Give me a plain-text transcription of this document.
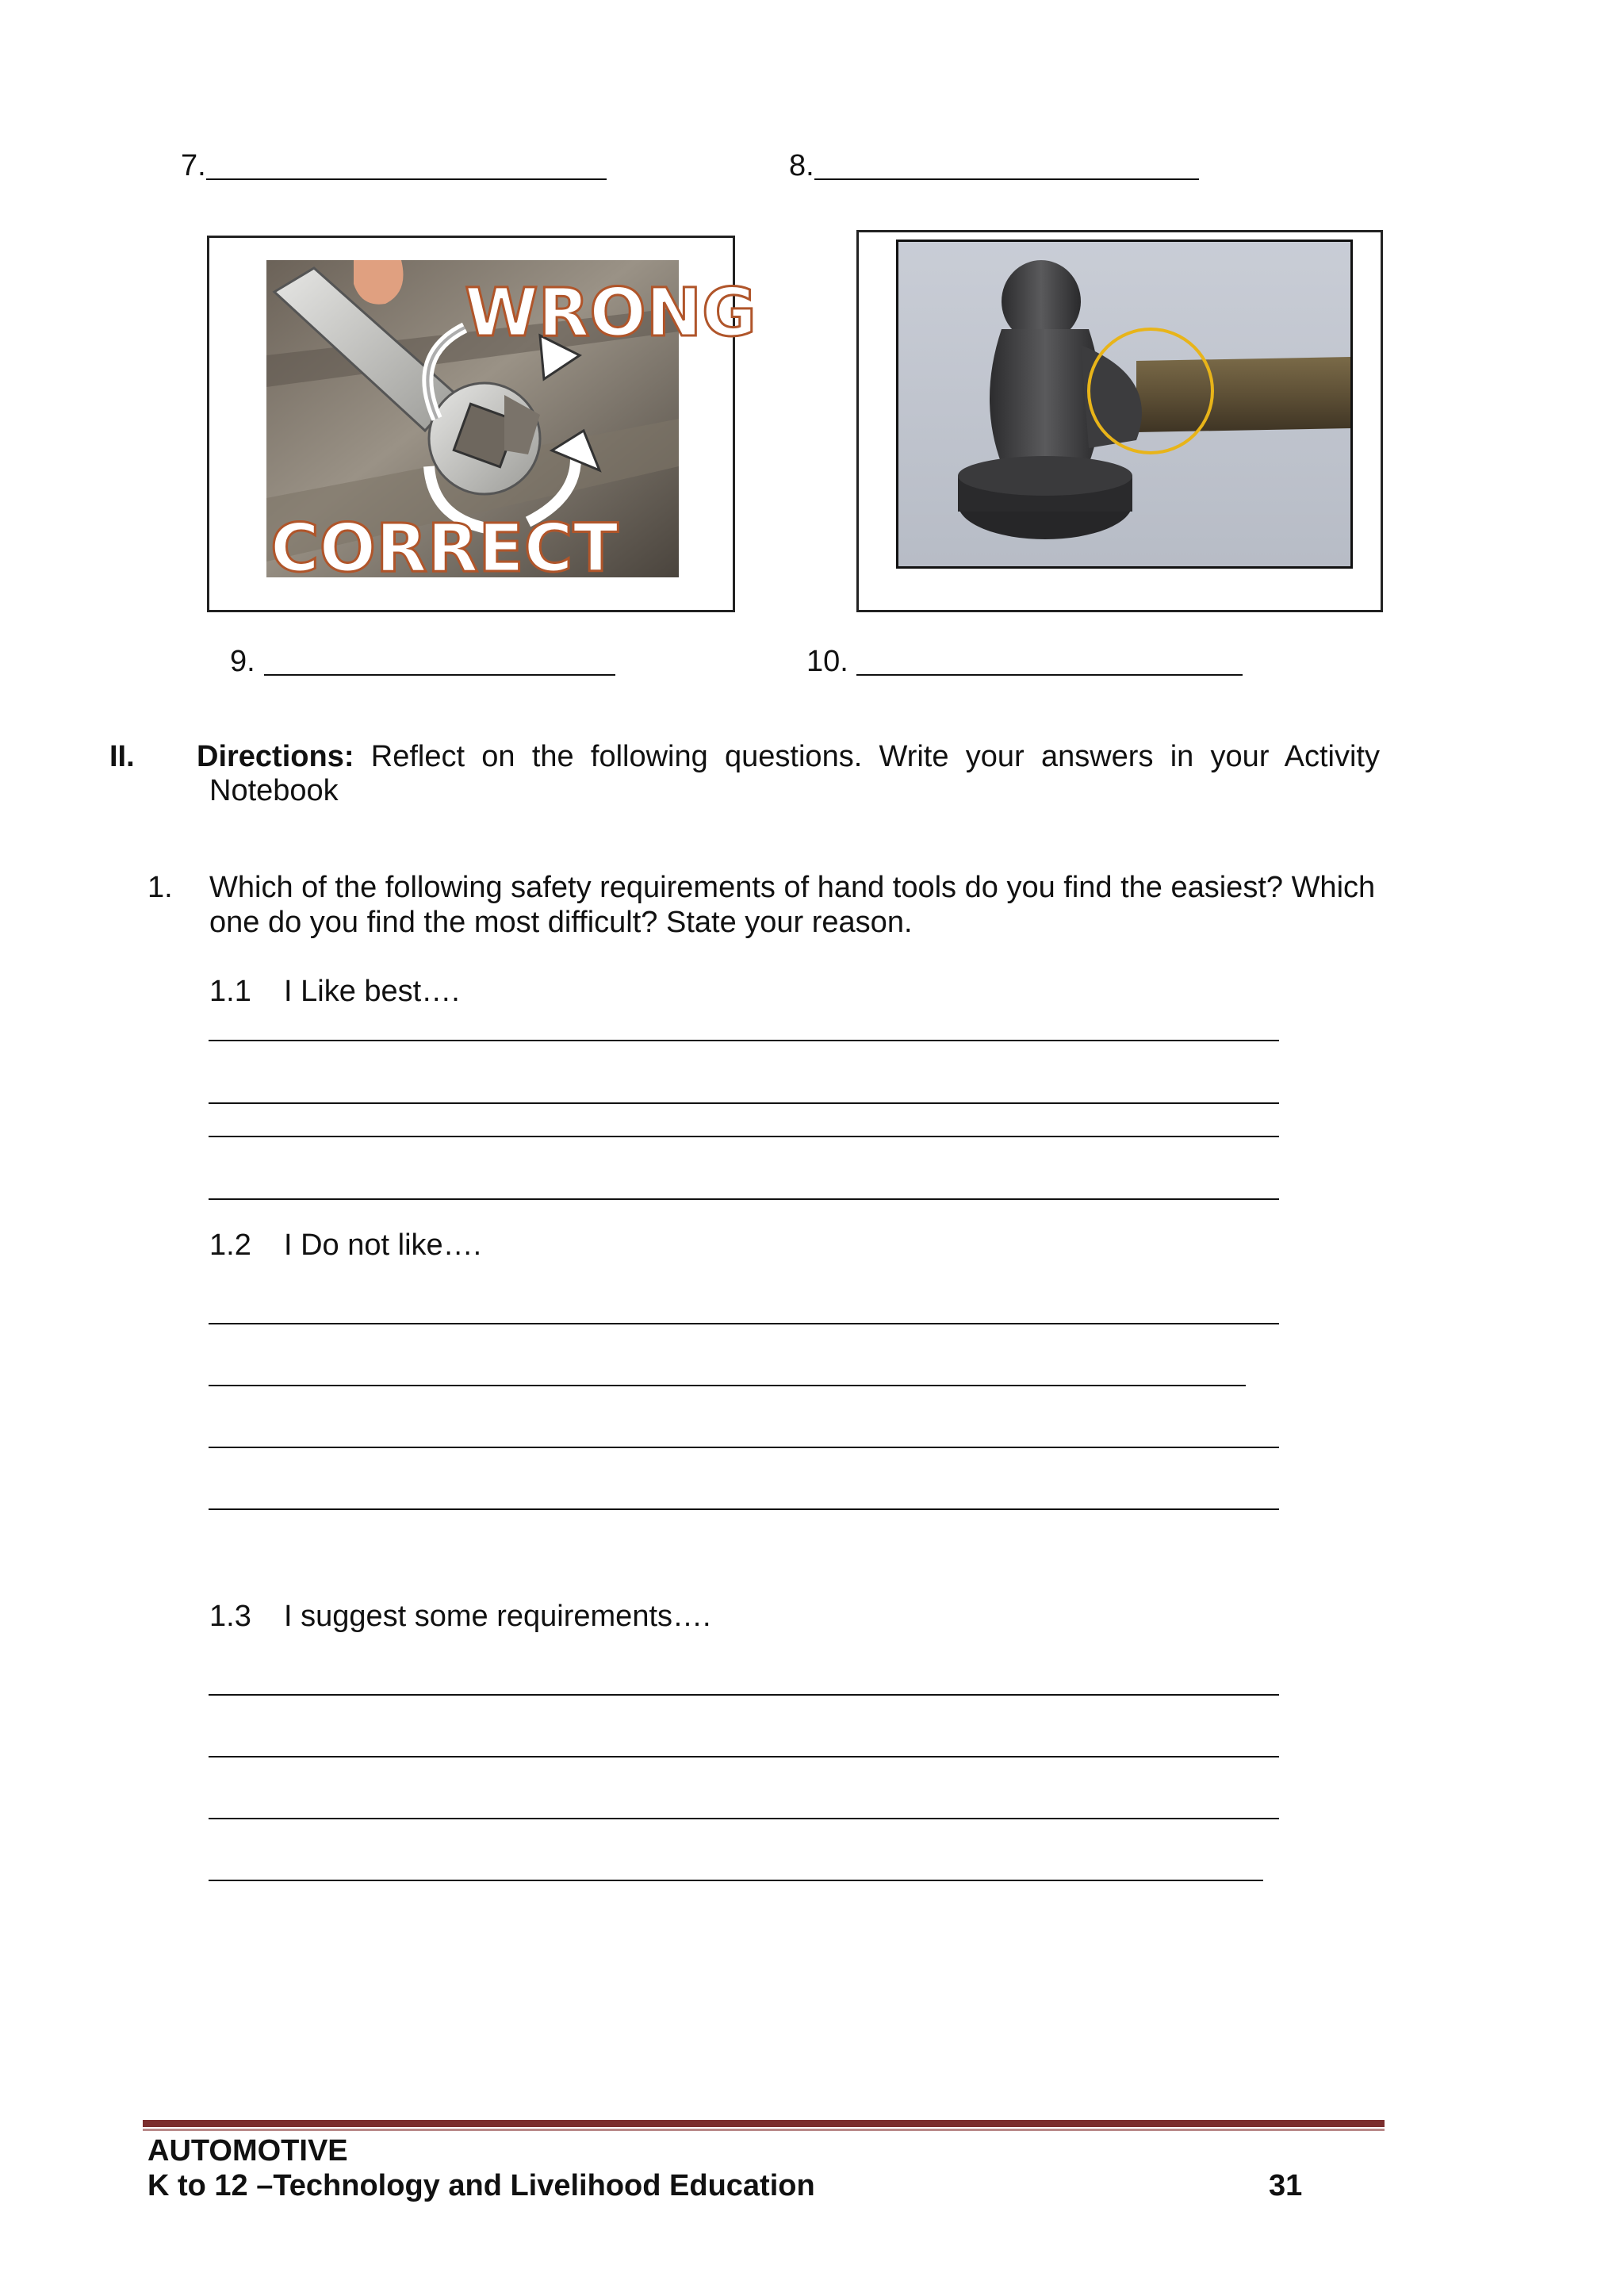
7.	8.
WRONG
CORRECT
9.	10.
II. Directions: Reflect on the following questions. Write your answers in your Activity
Notebook
1. Which of the following safety requirements of hand tools do you find the easiest? Which
one do you find the most difficult? State your reason.
1.1 I Like best….
1.2 I Do not like….
1.3 I suggest some requirements….
AUTOMOTIVE
K to 12 –Technology and Livelihood Education	31
